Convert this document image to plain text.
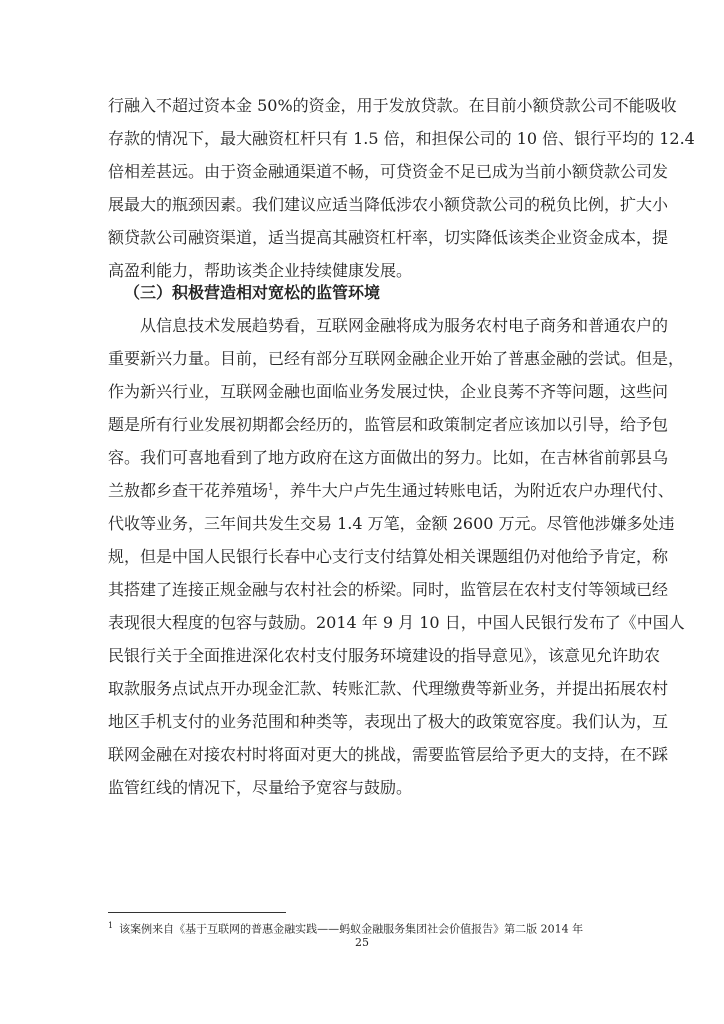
行融入不超过资本金 50%的资金，用于发放贷款。在目前小额贷款公司不能吸收
存款的情况下，最大融资杠杆只有 1.5 倍，和担保公司的 10 倍、银行平均的 12.4
倍相差甚远。由于资金融通渠道不畅，可贷资金不足已成为当前小额贷款公司发
展最大的瓶颈因素。我们建议应适当降低涉农小额贷款公司的税负比例，扩大小
额贷款公司融资渠道，适当提高其融资杠杆率，切实降低该类企业资金成本，提
高盈利能力，帮助该类企业持续健康发展。
（三）积极营造相对宽松的监管环境
从信息技术发展趋势看，互联网金融将成为服务农村电子商务和普通农户的
重要新兴力量。目前，已经有部分互联网金融企业开始了普惠金融的尝试。但是，
作为新兴行业，互联网金融也面临业务发展过快，企业良莠不齐等问题，这些问
题是所有行业发展初期都会经历的，监管层和政策制定者应该加以引导，给予包
容。我们可喜地看到了地方政府在这方面做出的努力。比如，在吉林省前郭县乌
兰敖都乡查干花养殖场$^1$，养牛大户卢先生通过转账电话，为附近农户办理代付、
代收等业务，三年间共发生交易 1.4 万笔，金额 2600 万元。尽管他涉嫌多处违
规，但是中国人民银行长春中心支行支付结算处相关课题组仍对他给予肯定，称
其搭建了连接正规金融与农村社会的桥梁。同时，监管层在农村支付等领域已经
表现很大程度的包容与鼓励。2014 年 9 月 10 日，中国人民银行发布了《中国人
民银行关于全面推进深化农村支付服务环境建设的指导意见》，该意见允许助农
取款服务点试点开办现金汇款、转账汇款、代理缴费等新业务，并提出拓展农村
地区手机支付的业务范围和种类等，表现出了极大的政策宽容度。我们认为，互
联网金融在对接农村时将面对更大的挑战，需要监管层给予更大的支持，在不踩
监管红线的情况下，尽量给予宽容与鼓励。
$^1$ 该案例来自《基于互联网的普惠金融实践——蚂蚁金融服务集团社会价值报告》第二版 2014 年
25
